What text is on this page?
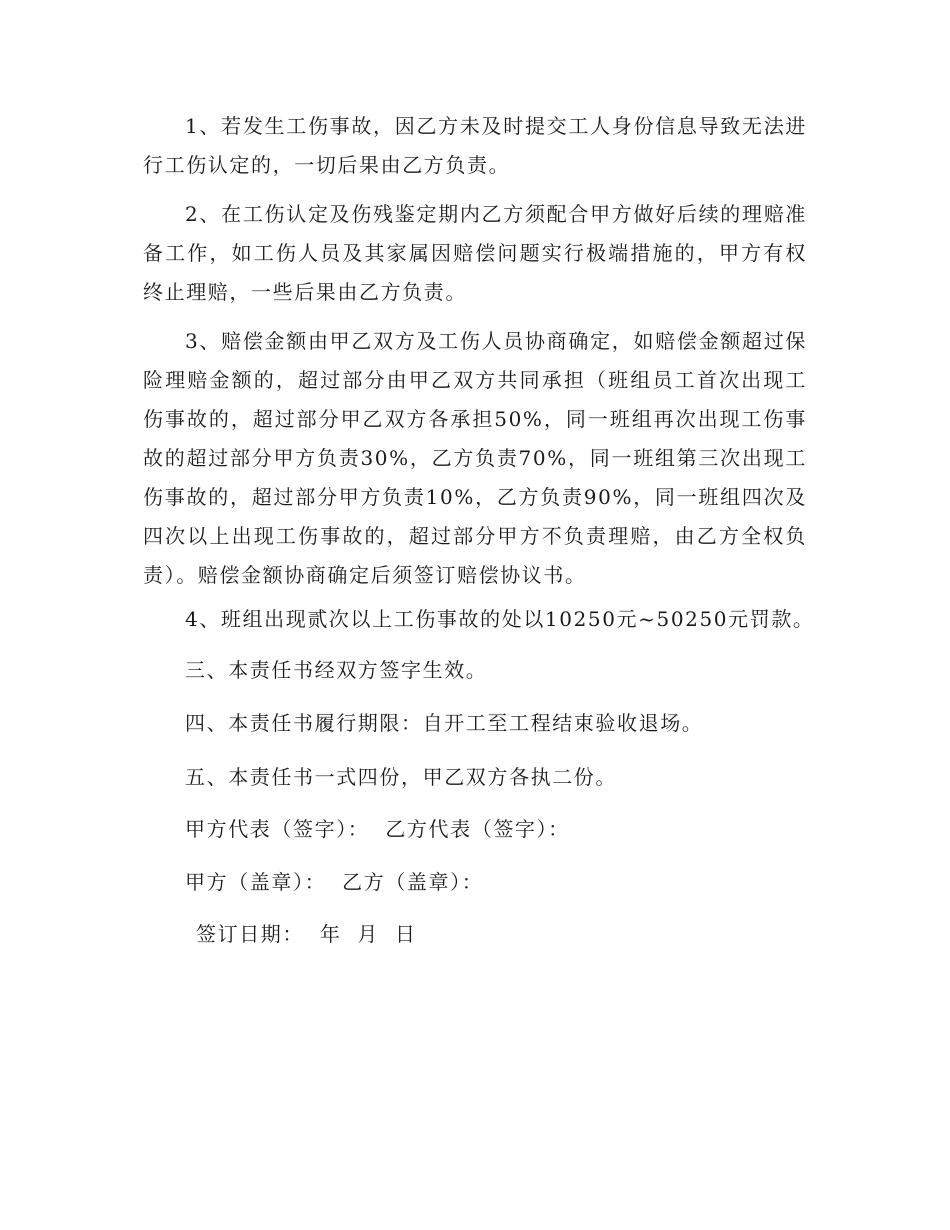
1、若发生工伤事故，因乙方未及时提交工人身份信息导致无法进行工伤认定的，一切后果由乙方负责。

2、在工伤认定及伤残鉴定期内乙方须配合甲方做好后续的理赔准备工作，如工伤人员及其家属因赔偿问题实行极端措施的，甲方有权终止理赔，一些后果由乙方负责。

3、赔偿金额由甲乙双方及工伤人员协商确定，如赔偿金额超过保险理赔金额的，超过部分由甲乙双方共同承担（班组员工首次出现工伤事故的，超过部分甲乙双方各承担50%，同一班组再次出现工伤事故的超过部分甲方负责30%，乙方负责70%，同一班组第三次出现工伤事故的，超过部分甲方负责10%，乙方负责90%，同一班组四次及四次以上出现工伤事故的，超过部分甲方不负责理赔，由乙方全权负责）。赔偿金额协商确定后须签订赔偿协议书。

4、班组出现贰次以上工伤事故的处以10250元~50250元罚款。

三、本责任书经双方签字生效。

四、本责任书履行期限：自开工至工程结束验收退场。

五、本责任书一式四份，甲乙双方各执二份。

甲方代表（签字）：  乙方代表（签字）：

甲方（盖章）：  乙方（盖章）：

签订日期：  年  月  日
